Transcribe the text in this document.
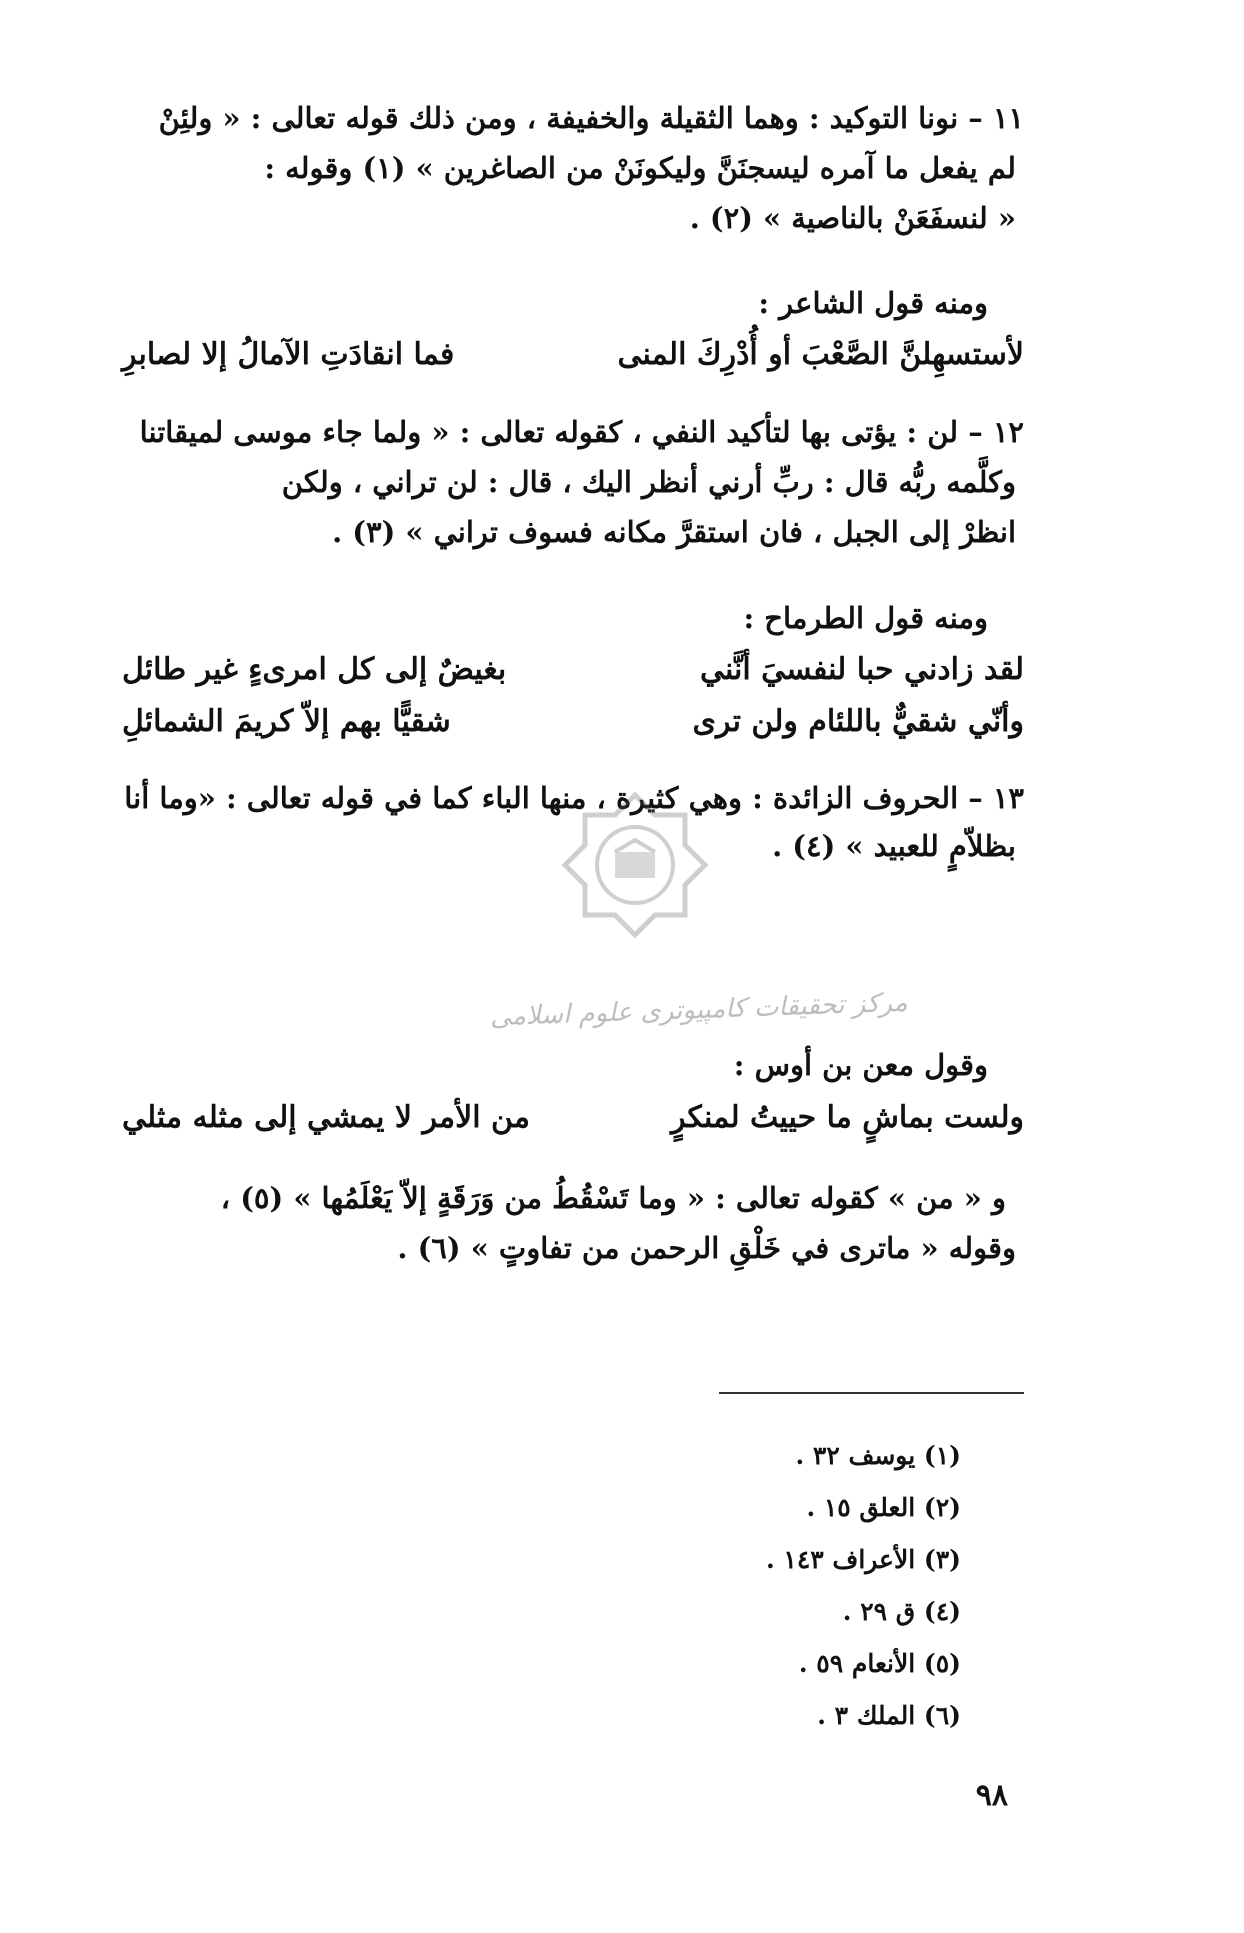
١١ – نونا التوكيد : وهما الثقيلة والخفيفة ، ومن ذلك قوله تعالى : « ولئِنْ
لم يفعل ما آمره ليسجنَنَّ وليكونَنْ من الصاغرين » (١) وقوله :
« لنسفَعَنْ بالناصية » (٢) .
ومنه قول الشاعر :
لأستسهِلنَّ الصَّعْبَ أو أُدْرِكَ المنى
فما انقادَتِ الآمالُ إلا لصابرِ
١٢ – لن : يؤتى بها لتأكيد النفي ، كقوله تعالى : « ولما جاء موسى لميقاتنا
وكلَّمه ربُّه قال : ربِّ أرني أنظر اليك ، قال : لن تراني ، ولكن
انظرْ إلى الجبل ، فان استقرَّ مكانه فسوف تراني » (٣) .
ومنه قول الطرماح :
لقد زادني حبا لنفسيَ أنَّني
بغيضٌ إلى كل امرىءٍ غير طائل
وأنّي شقيٌّ باللئام ولن ترى
شقيًّا بهم إلاّ كريمَ الشمائلِ
١٣ – الحروف الزائدة : وهي كثيرة ، منها الباء كما في قوله تعالى : «وما أنا
بظلاّمٍ للعبيد » (٤) .
وقول معن بن أوس :
ولست بماشٍ ما حييتُ لمنكرٍ
من الأمر لا يمشي إلى مثله مثلي
و « من » كقوله تعالى : « وما تَسْقُطُ من وَرَقَةٍ إلاّ يَعْلَمُها » (٥) ،
وقوله « ماترى في خَلْقِ الرحمن من تفاوتٍ » (٦) .
(١) يوسف ٣٢ .
(٢) العلق ١٥ .
(٣) الأعراف ١٤٣ .
(٤) ق ٢٩ .
(٥) الأنعام ٥٩ .
(٦) الملك ٣ .
٩٨
مركز تحقيقات كامپيوتری علوم اسلامی
